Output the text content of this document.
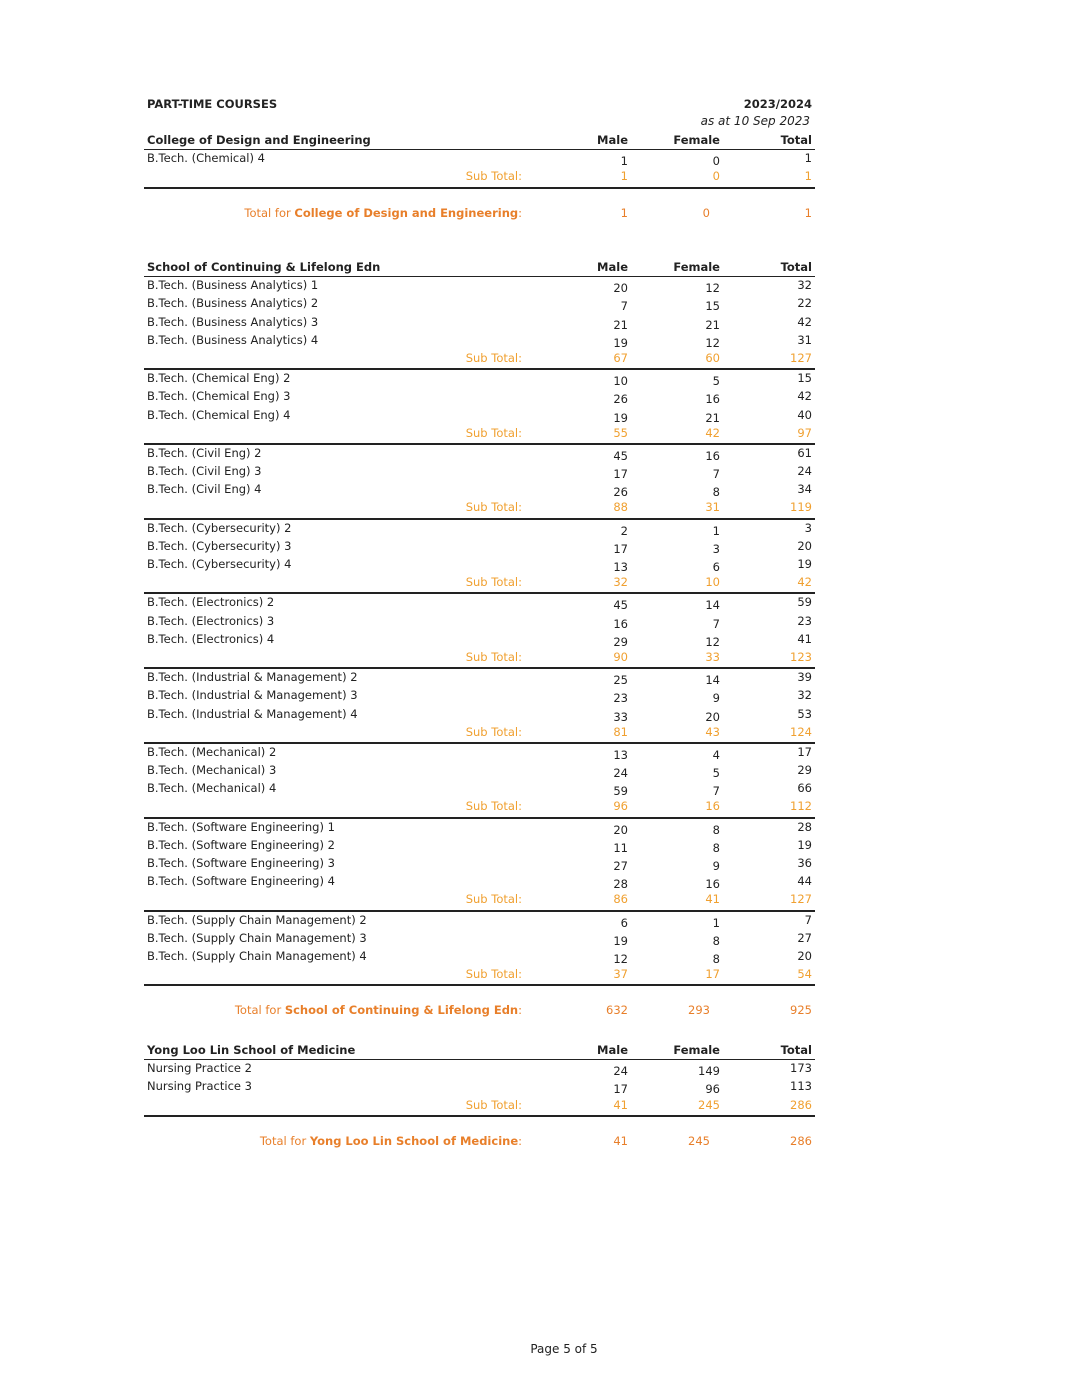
PART-TIME COURSES	2023/2024
as at 10 Sep 2023
College of Design and Engineering	Male	Female	Total
B.Tech. (Chemical) 4	1	0	1
Sub Total:	1	0	1
Total for College of Design and Engineering:	1	0	1
School of Continuing & Lifelong Edn	Male	Female	Total
B.Tech. (Business Analytics) 1	20	12	32
B.Tech. (Business Analytics) 2	7	15	22
B.Tech. (Business Analytics) 3	21	21	42
B.Tech. (Business Analytics) 4	19	12	31
Sub Total:	67	60	127
B.Tech. (Chemical Eng) 2	10	5	15
B.Tech. (Chemical Eng) 3	26	16	42
B.Tech. (Chemical Eng) 4	19	21	40
Sub Total:	55	42	97
B.Tech. (Civil Eng) 2	45	16	61
B.Tech. (Civil Eng) 3	17	7	24
B.Tech. (Civil Eng) 4	26	8	34
Sub Total:	88	31	119
B.Tech. (Cybersecurity) 2	2	1	3
B.Tech. (Cybersecurity) 3	17	3	20
B.Tech. (Cybersecurity) 4	13	6	19
Sub Total:	32	10	42
B.Tech. (Electronics) 2	45	14	59
B.Tech. (Electronics) 3	16	7	23
B.Tech. (Electronics) 4	29	12	41
Sub Total:	90	33	123
B.Tech. (Industrial & Management) 2	25	14	39
B.Tech. (Industrial & Management) 3	23	9	32
B.Tech. (Industrial & Management) 4	33	20	53
Sub Total:	81	43	124
B.Tech. (Mechanical) 2	13	4	17
B.Tech. (Mechanical) 3	24	5	29
B.Tech. (Mechanical) 4	59	7	66
Sub Total:	96	16	112
B.Tech. (Software Engineering) 1	20	8	28
B.Tech. (Software Engineering) 2	11	8	19
B.Tech. (Software Engineering) 3	27	9	36
B.Tech. (Software Engineering) 4	28	16	44
Sub Total:	86	41	127
B.Tech. (Supply Chain Management) 2	6	1	7
B.Tech. (Supply Chain Management) 3	19	8	27
B.Tech. (Supply Chain Management) 4	12	8	20
Sub Total:	37	17	54
Total for School of Continuing & Lifelong Edn:	632	293	925
Yong Loo Lin School of Medicine	Male	Female	Total
Nursing Practice 2	24	149	173
Nursing Practice 3	17	96	113
Sub Total:	41	245	286
Total for Yong Loo Lin School of Medicine:	41	245	286
Page 5 of 5
